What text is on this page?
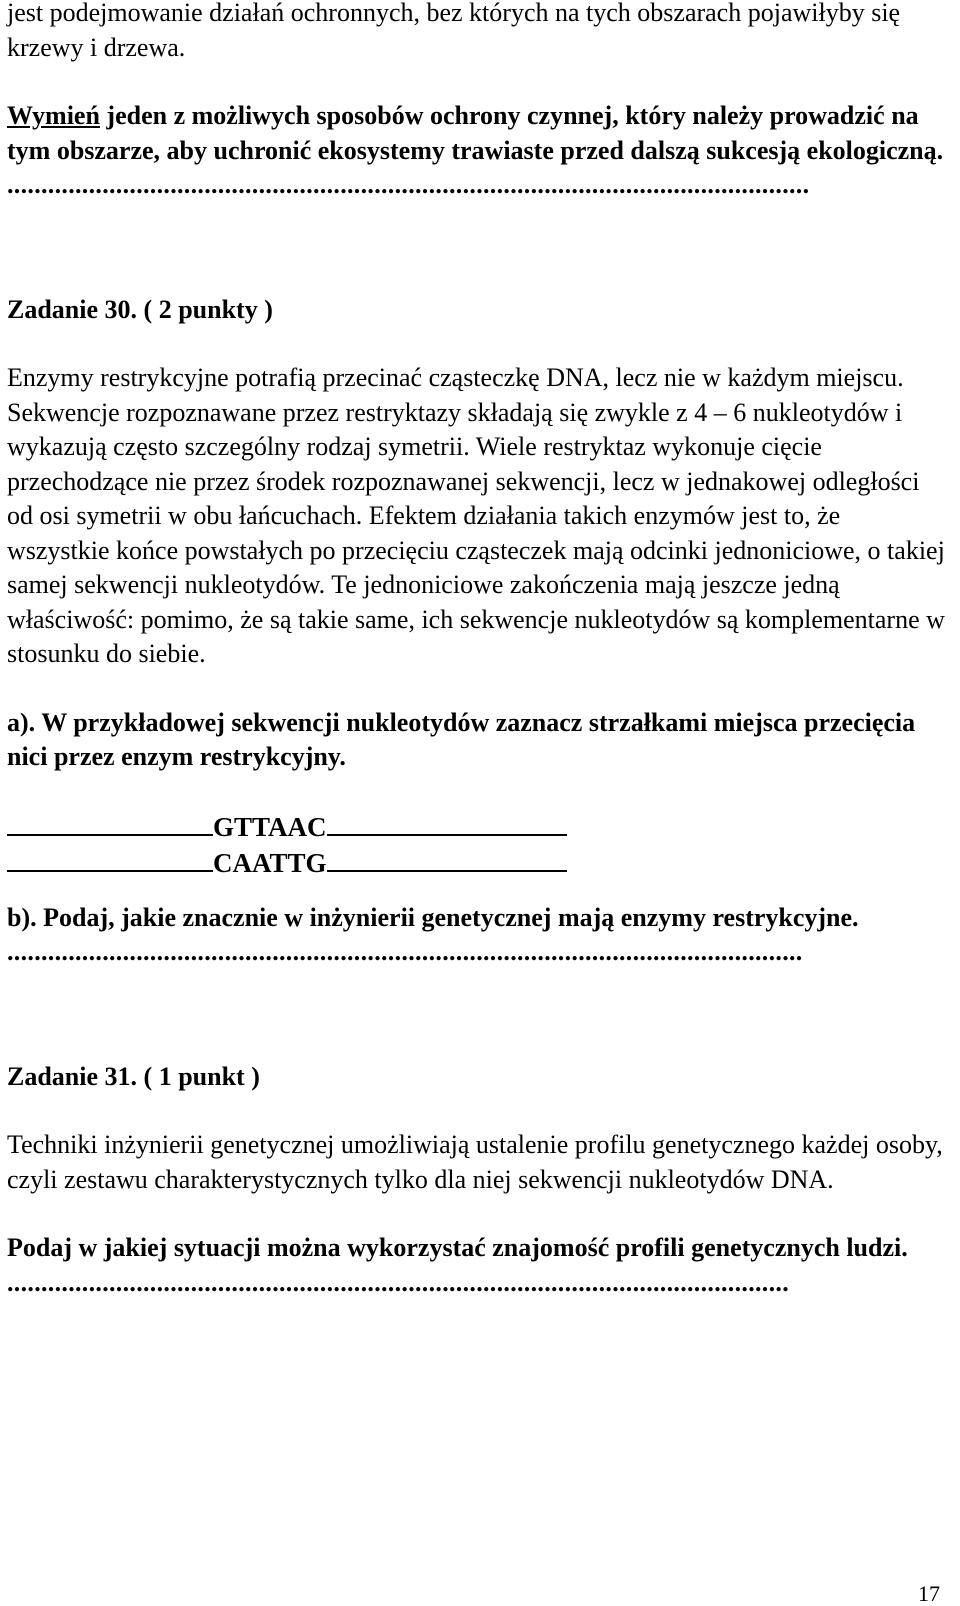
jest podejmowanie działań ochronnych, bez których na tych obszarach pojawiłyby się krzewy i drzewa.

Wymień jeden z możliwych sposobów ochrony czynnej, który należy prowadzić na tym obszarze, aby uchronić ekosystemy trawiaste przed dalszą sukcesją ekologiczną.

......................................................................................................................

Zadanie 30. ( 2 punkty )

Enzymy restrykcyjne potrafią przecinać cząsteczkę DNA, lecz nie w każdym miejscu. Sekwencje rozpoznawane przez restryktazy składają się zwykle z 4 – 6 nukleotydów i wykazują często szczególny rodzaj symetrii. Wiele restryktaz wykonuje cięcie przechodzące nie przez środek rozpoznawanej sekwencji, lecz w jednakowej odległości od osi symetrii w obu łańcuchach. Efektem działania takich enzymów jest to, że wszystkie końce powstałych po przecięciu cząsteczek mają odcinki jednoniciowe, o takiej samej sekwencji nukleotydów. Te jednoniciowe zakończenia mają jeszcze jedną właściwość: pomimo, że są takie same, ich sekwencje nukleotydów są komplementarne w stosunku do siebie.

a). W przykładowej sekwencji nukleotydów zaznacz strzałkami miejsca przecięcia nici przez enzym restrykcyjny.

GTTAAC

CAATTG

b). Podaj, jakie znacznie w inżynierii genetycznej mają enzymy restrykcyjne.

.....................................................................................................................

Zadanie 31. ( 1 punkt )

Techniki inżynierii genetycznej umożliwiają ustalenie profilu genetycznego każdej osoby, czyli zestawu charakterystycznych tylko dla niej sekwencji nukleotydów DNA.

Podaj w jakiej sytuacji można wykorzystać znajomość profili genetycznych ludzi.

...................................................................................................................

17
